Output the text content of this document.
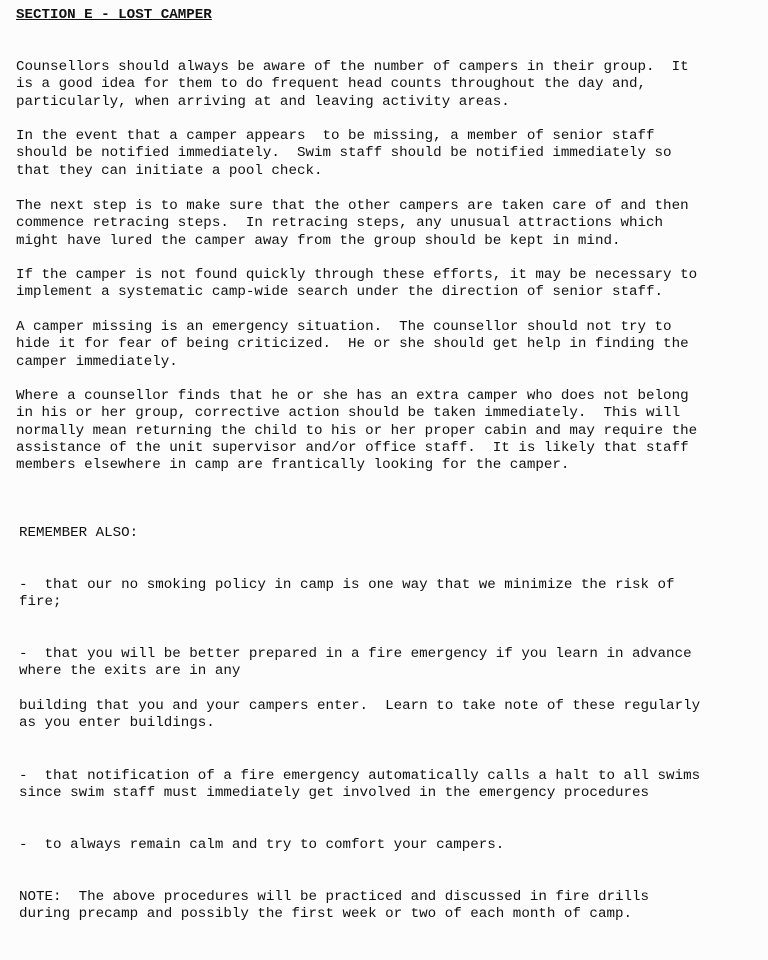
SECTION E - LOST CAMPER

Counsellors should always be aware of the number of campers in their group.  It
is a good idea for them to do frequent head counts throughout the day and,
particularly, when arriving at and leaving activity areas.

In the event that a camper appears  to be missing, a member of senior staff
should be notified immediately.  Swim staff should be notified immediately so
that they can initiate a pool check.

The next step is to make sure that the other campers are taken care of and then
commence retracing steps.  In retracing steps, any unusual attractions which
might have lured the camper away from the group should be kept in mind.

If the camper is not found quickly through these efforts, it may be necessary to
implement a systematic camp-wide search under the direction of senior staff.

A camper missing is an emergency situation.  The counsellor should not try to
hide it for fear of being criticized.  He or she should get help in finding the
camper immediately.

Where a counsellor finds that he or she has an extra camper who does not belong
in his or her group, corrective action should be taken immediately.  This will
normally mean returning the child to his or her proper cabin and may require the
assistance of the unit supervisor and/or office staff.  It is likely that staff
members elsewhere in camp are frantically looking for the camper.

REMEMBER ALSO:

-  that our no smoking policy in camp is one way that we minimize the risk of
fire;

-  that you will be better prepared in a fire emergency if you learn in advance
where the exits are in any

building that you and your campers enter.  Learn to take note of these regularly
as you enter buildings.

-  that notification of a fire emergency automatically calls a halt to all swims
since swim staff must immediately get involved in the emergency procedures

-  to always remain calm and try to comfort your campers.

NOTE:  The above procedures will be practiced and discussed in fire drills
during precamp and possibly the first week or two of each month of camp.
